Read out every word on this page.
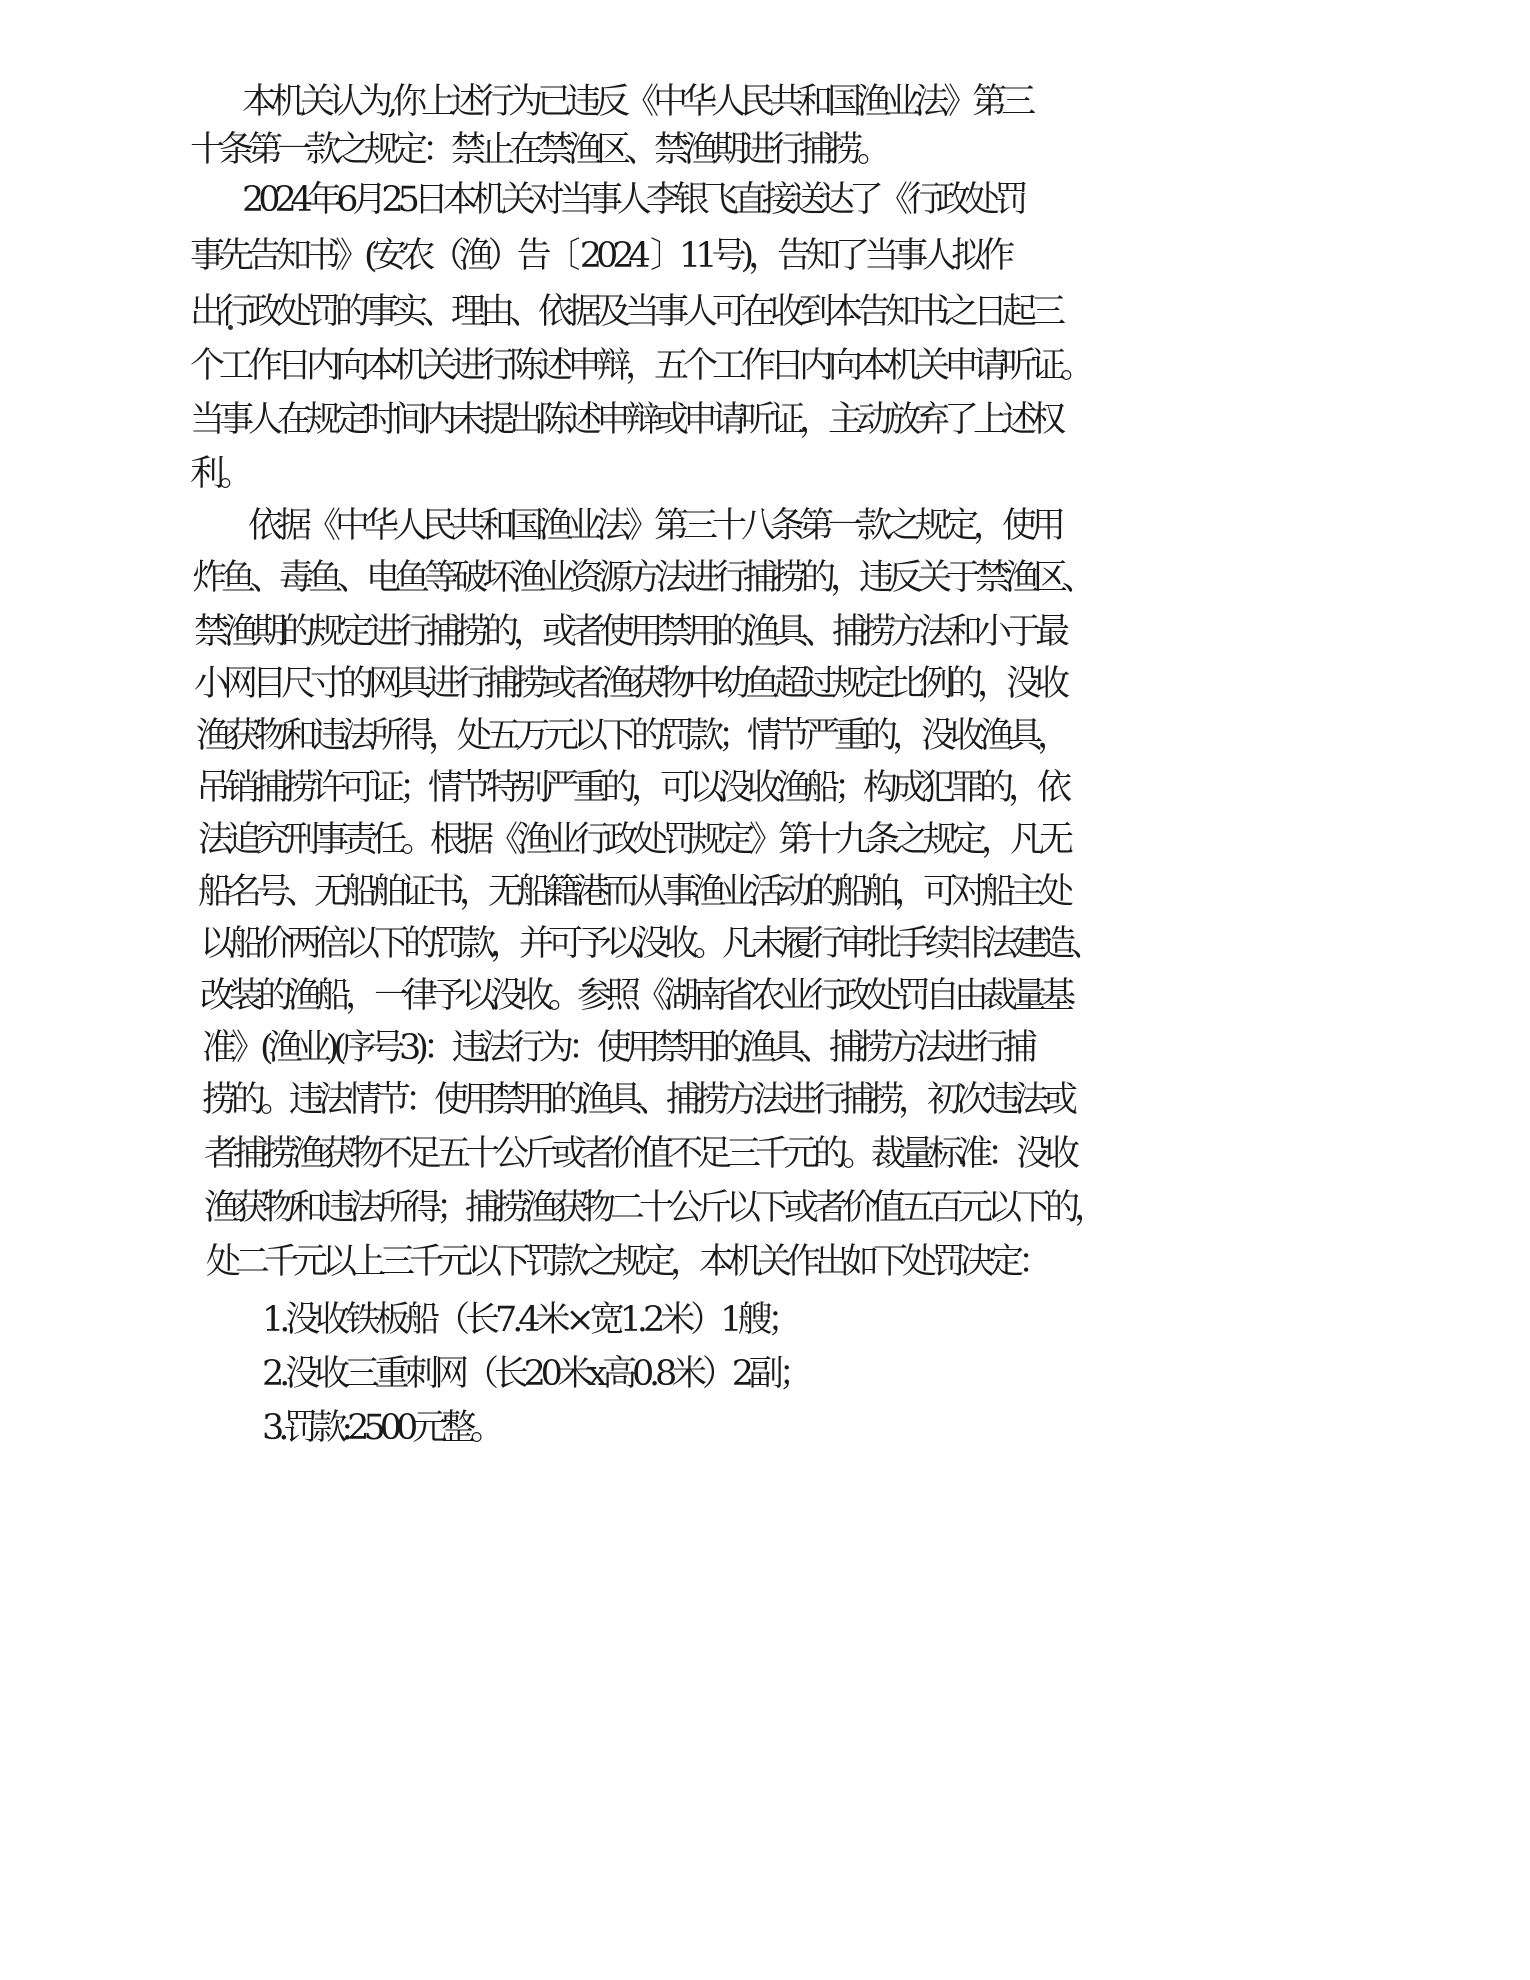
本机关认为,你上述行为已违反《中华人民共和国渔业法》第三
十条第一款之规定：禁止在禁渔区、禁渔期进行捕捞。
2024年6月25日本机关对当事人李银飞直接送达了《行政处罚
事先告知书》(安农（渔）告〔 2024 〕11号)，告知了当事人拟作
出行政处罚的事实、理由、依据及当事人可在收到本告知书之日起三
个工作日内向本机关进行陈述申辩，五个工作日内向本机关申请听证。
当事人在规定时间内未提出陈述申辩或申请听证，主动放弃了上述权
利。
依据《中华人民共和国渔业法》第三十八条第一款之规定，使用
炸鱼、毒鱼、电鱼等破坏渔业资源方法进行捕捞的，违反关于禁渔区、
禁渔期的规定进行捕捞的，或者使用禁用的渔具、捕捞方法和小于最
小网目尺寸的网具进行捕捞或者渔获物中幼鱼超过规定比例的，没收
渔获物和违法所得，处五万元以下的罚款；情节严重的，没收渔具，
吊销捕捞许可证；情节特别严重的，可以没收渔船；构成犯罪的，依
法追究刑事责任。根据《渔业行政处罚规定》第十九条之规定，凡无
船名号、无船舶证书，无船籍港而从事渔业活动的船舶，可对船主处
以船价两倍以下的罚款，并可予以没收。凡未履行审批手续非法建造、
改装的渔船，一律予以没收。参照《湖南省农业行政处罚自由裁量基
准》(渔业)(序号3)：违法行为：使用禁用的渔具、捕捞方法进行捕
捞的。违法情节：使用禁用的渔具、捕捞方法进行捕捞，初次违法或
者捕捞渔获物不足五十公斤或者价值不足三千元的。裁量标准：没收
渔获物和违法所得；捕捞渔获物二十公斤以下或者价值五百元以下的，
处二千元以上三千元以下罚款之规定，本机关作出如下处罚决定：
1.没收铁板船（长7.4米×宽1.2米）1艘；
2.没收三重刺网（长20米x高0.8米）2副；
3.罚款:2500元整。
